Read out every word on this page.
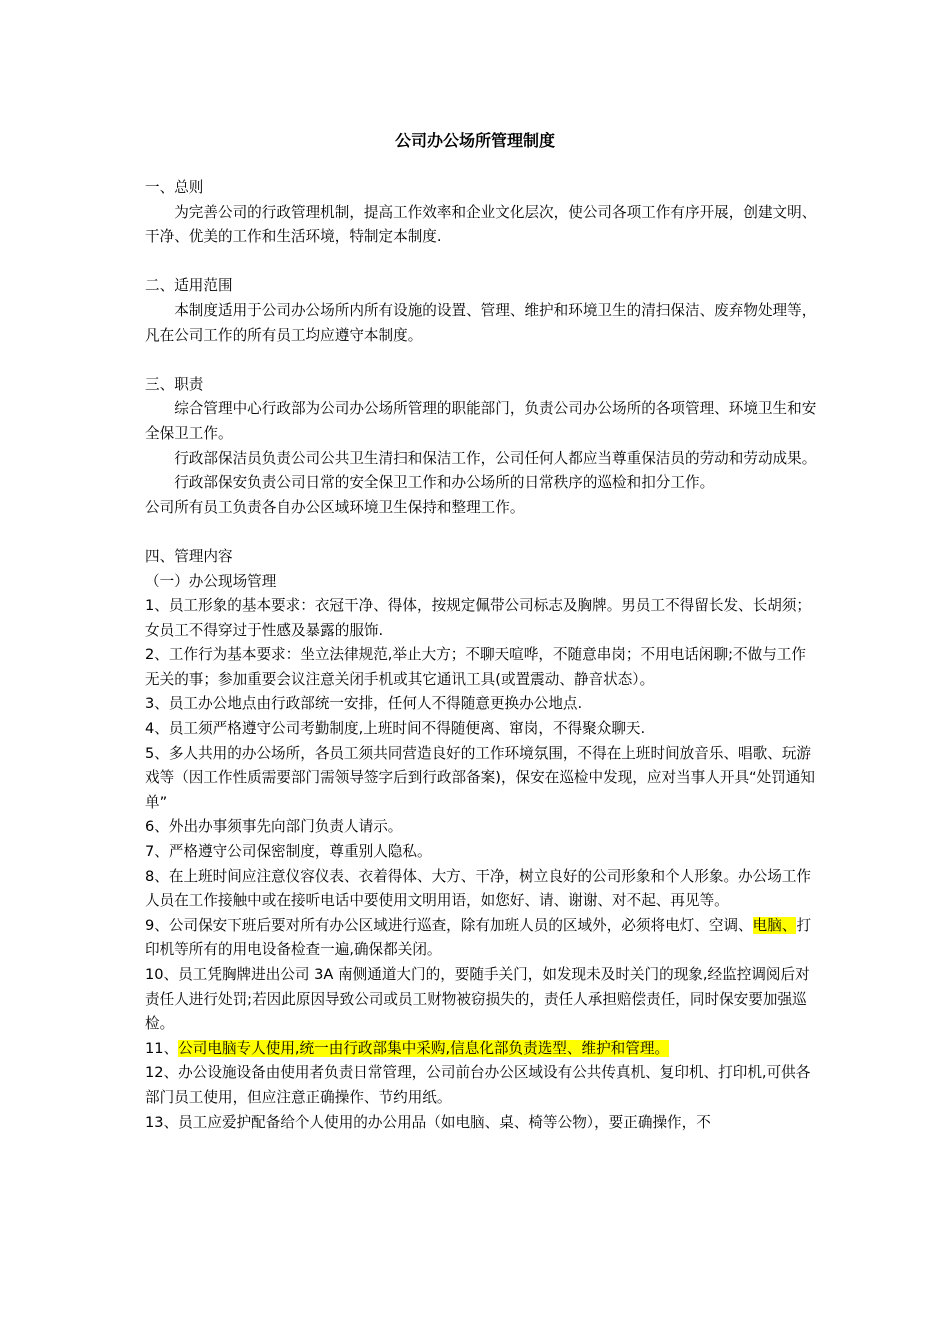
公司办公场所管理制度

一、总则

为完善公司的行政管理机制，提高工作效率和企业文化层次，使公司各项工作有序开展，创建文明、干净、优美的工作和生活环境，特制定本制度.

二、适用范围

本制度适用于公司办公场所内所有设施的设置、管理、维护和环境卫生的清扫保洁、废弃物处理等，凡在公司工作的所有员工均应遵守本制度。

三、职责

综合管理中心行政部为公司办公场所管理的职能部门，负责公司办公场所的各项管理、环境卫生和安全保卫工作。

行政部保洁员负责公司公共卫生清扫和保洁工作，公司任何人都应当尊重保洁员的劳动和劳动成果。

行政部保安负责公司日常的安全保卫工作和办公场所的日常秩序的巡检和扣分工作。

公司所有员工负责各自办公区域环境卫生保持和整理工作。

四、管理内容

（一）办公现场管理

1、员工形象的基本要求：衣冠干净、得体，按规定佩带公司标志及胸牌。男员工不得留长发、长胡须；女员工不得穿过于性感及暴露的服饰.

2、工作行为基本要求：坐立法律规范,举止大方；不聊天喧哗，不随意串岗；不用电话闲聊;不做与工作无关的事；参加重要会议注意关闭手机或其它通讯工具(或置震动、静音状态）。

3、员工办公地点由行政部统一安排，任何人不得随意更换办公地点.

4、员工须严格遵守公司考勤制度,上班时间不得随便离、窜岗，不得聚众聊天.

5、多人共用的办公场所，各员工须共同营造良好的工作环境氛围，不得在上班时间放音乐、唱歌、玩游戏等（因工作性质需要部门需领导签字后到行政部备案)，保安在巡检中发现，应对当事人开具“处罚通知单”

6、外出办事须事先向部门负责人请示。

7、严格遵守公司保密制度，尊重别人隐私。

8、在上班时间应注意仪容仪表、衣着得体、大方、干净，树立良好的公司形象和个人形象。办公场工作人员在工作接触中或在接听电话中要使用文明用语，如您好、请、谢谢、对不起、再见等。

9、公司保安下班后要对所有办公区域进行巡查，除有加班人员的区域外，必须将电灯、空调、电脑、打印机等所有的用电设备检查一遍,确保都关闭。

10、员工凭胸牌进出公司 3A 南侧通道大门的，要随手关门，如发现未及时关门的现象,经监控调阅后对责任人进行处罚;若因此原因导致公司或员工财物被窃损失的，责任人承担赔偿责任，同时保安要加强巡检。

11、公司电脑专人使用,统一由行政部集中采购,信息化部负责选型、维护和管理。

12、办公设施设备由使用者负责日常管理，公司前台办公区域设有公共传真机、复印机、打印机,可供各部门员工使用，但应注意正确操作、节约用纸。

13、员工应爱护配备给个人使用的办公用品（如电脑、桌、椅等公物），要正确操作，不
